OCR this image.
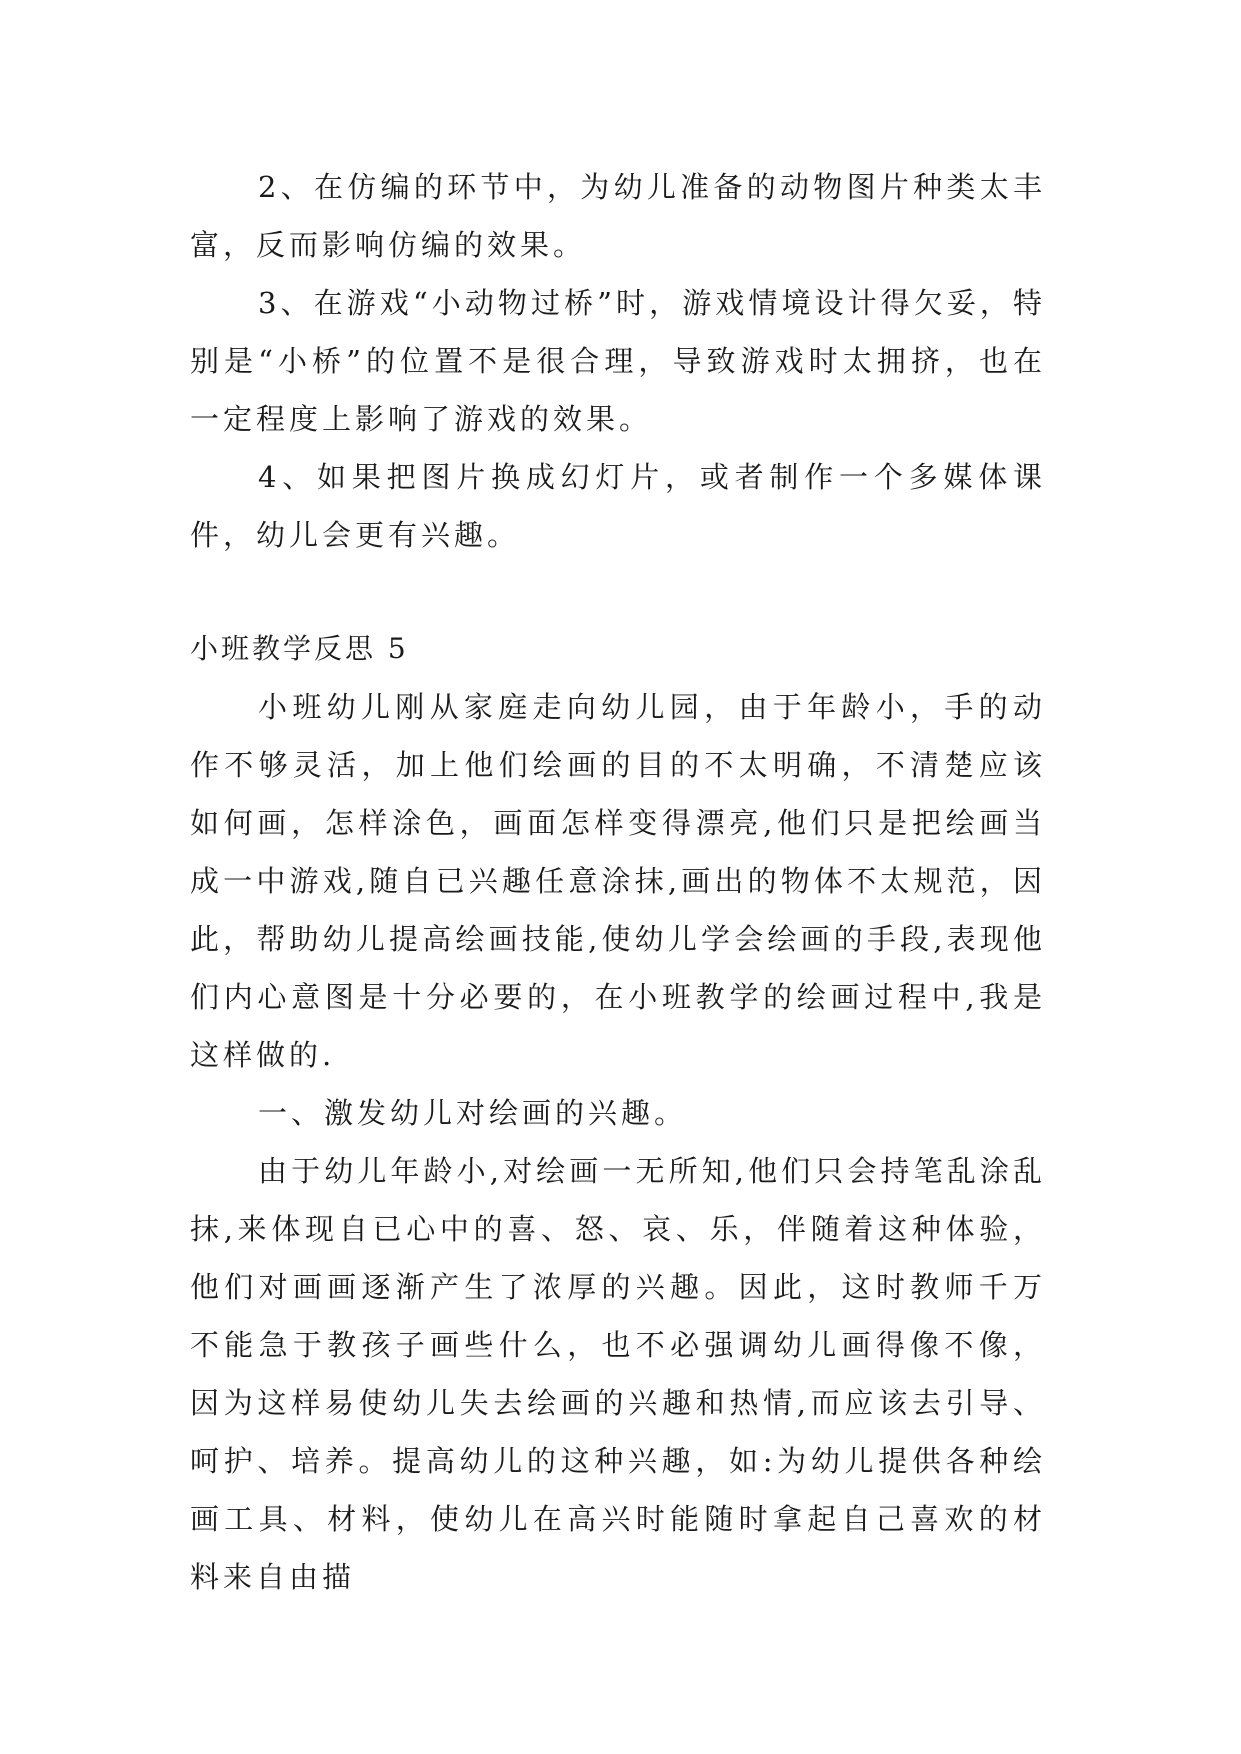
2、在仿编的环节中，为幼儿准备的动物图片种类太丰富，反而影响仿编的效果。

3、在游戏“小动物过桥”时，游戏情境设计得欠妥，特别是“小桥”的位置不是很合理，导致游戏时太拥挤，也在一定程度上影响了游戏的效果。

4、如果把图片换成幻灯片，或者制作一个多媒体课件，幼儿会更有兴趣。

小班教学反思 5

小班幼儿刚从家庭走向幼儿园，由于年龄小，手的动作不够灵活，加上他们绘画的目的不太明确，不清楚应该如何画，怎样涂色，画面怎样变得漂亮,他们只是把绘画当成一中游戏,随自已兴趣任意涂抹,画出的物体不太规范，因此，帮助幼儿提高绘画技能,使幼儿学会绘画的手段,表现他们内心意图是十分必要的，在小班教学的绘画过程中,我是这样做的.

一、激发幼儿对绘画的兴趣。

由于幼儿年龄小,对绘画一无所知,他们只会持笔乱涂乱抹,来体现自已心中的喜、怒、哀、乐，伴随着这种体验，他们对画画逐渐产生了浓厚的兴趣。因此，这时教师千万不能急于教孩子画些什么，也不必强调幼儿画得像不像，因为这样易使幼儿失去绘画的兴趣和热情,而应该去引导、呵护、培养。提高幼儿的这种兴趣，如:为幼儿提供各种绘画工具、材料，使幼儿在高兴时能随时拿起自己喜欢的材料来自由描
